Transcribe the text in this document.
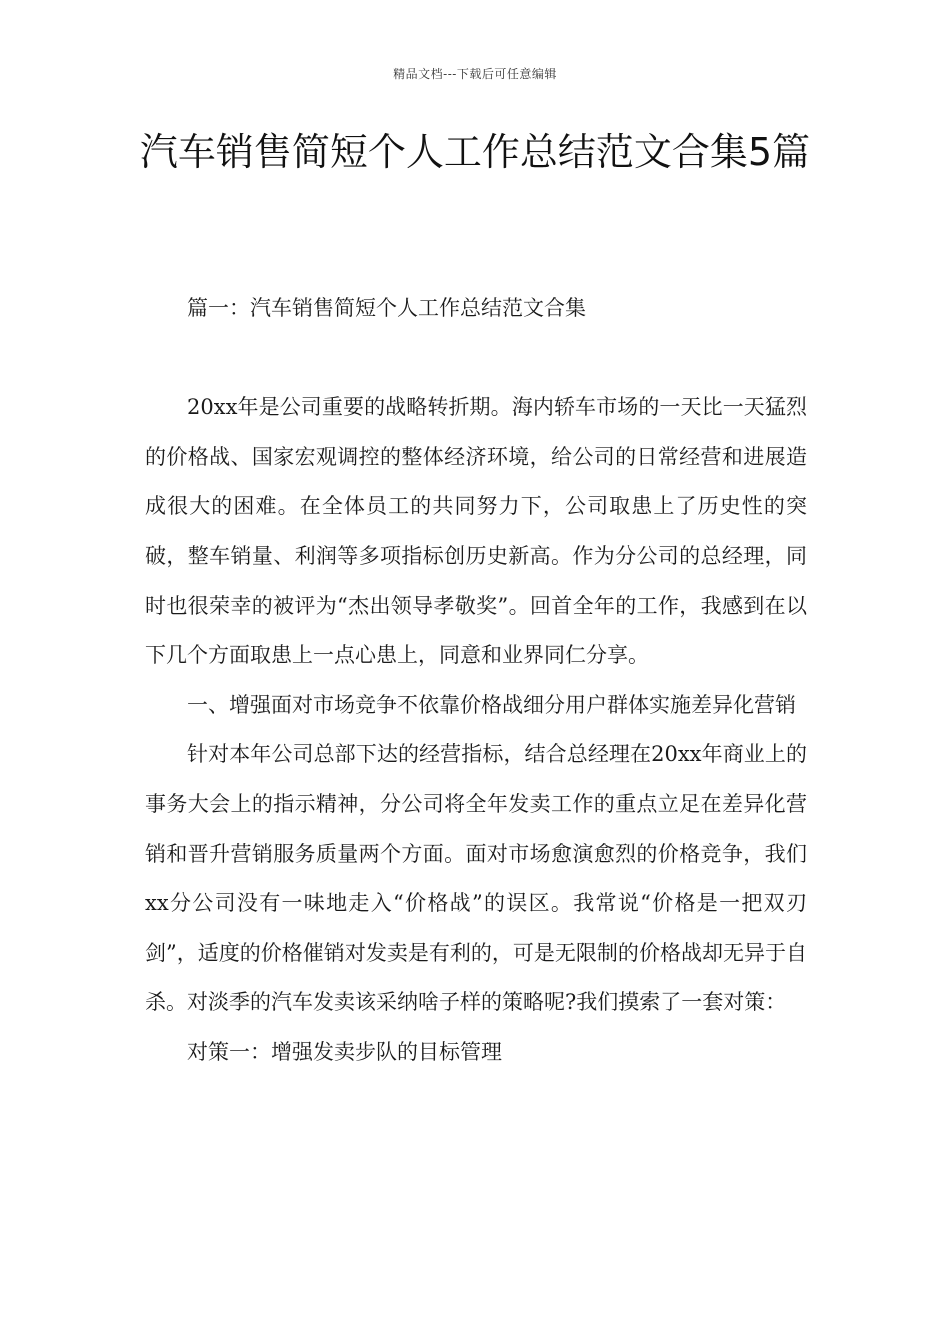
精品文档---下载后可任意编辑
汽车销售简短个人工作总结范文合集5篇

篇一：汽车销售简短个人工作总结范文合集

20xx年是公司重要的战略转折期。海内轿车市场的一天比一天猛烈的价格战、国家宏观调控的整体经济环境，给公司的日常经营和进展造成很大的困难。在全体员工的共同努力下，公司取患上了历史性的突破，整车销量、利润等多项指标创历史新高。作为分公司的总经理，同时也很荣幸的被评为“杰出领导孝敬奖”。回首全年的工作，我感到在以下几个方面取患上一点心患上，同意和业界同仁分享。

一、增强面对市场竞争不依靠价格战细分用户群体实施差异化营销

针对本年公司总部下达的经营指标，结合总经理在20xx年商业上的事务大会上的指示精神，分公司将全年发卖工作的重点立足在差异化营销和晋升营销服务质量两个方面。面对市场愈演愈烈的价格竞争，我们xx分公司没有一味地走入“价格战”的误区。我常说“价格是一把双刃剑”，适度的价格催销对发卖是有利的，可是无限制的价格战却无异于自杀。对淡季的汽车发卖该采纳啥子样的策略呢?我们摸索了一套对策：

对策一：增强发卖步队的目标管理
